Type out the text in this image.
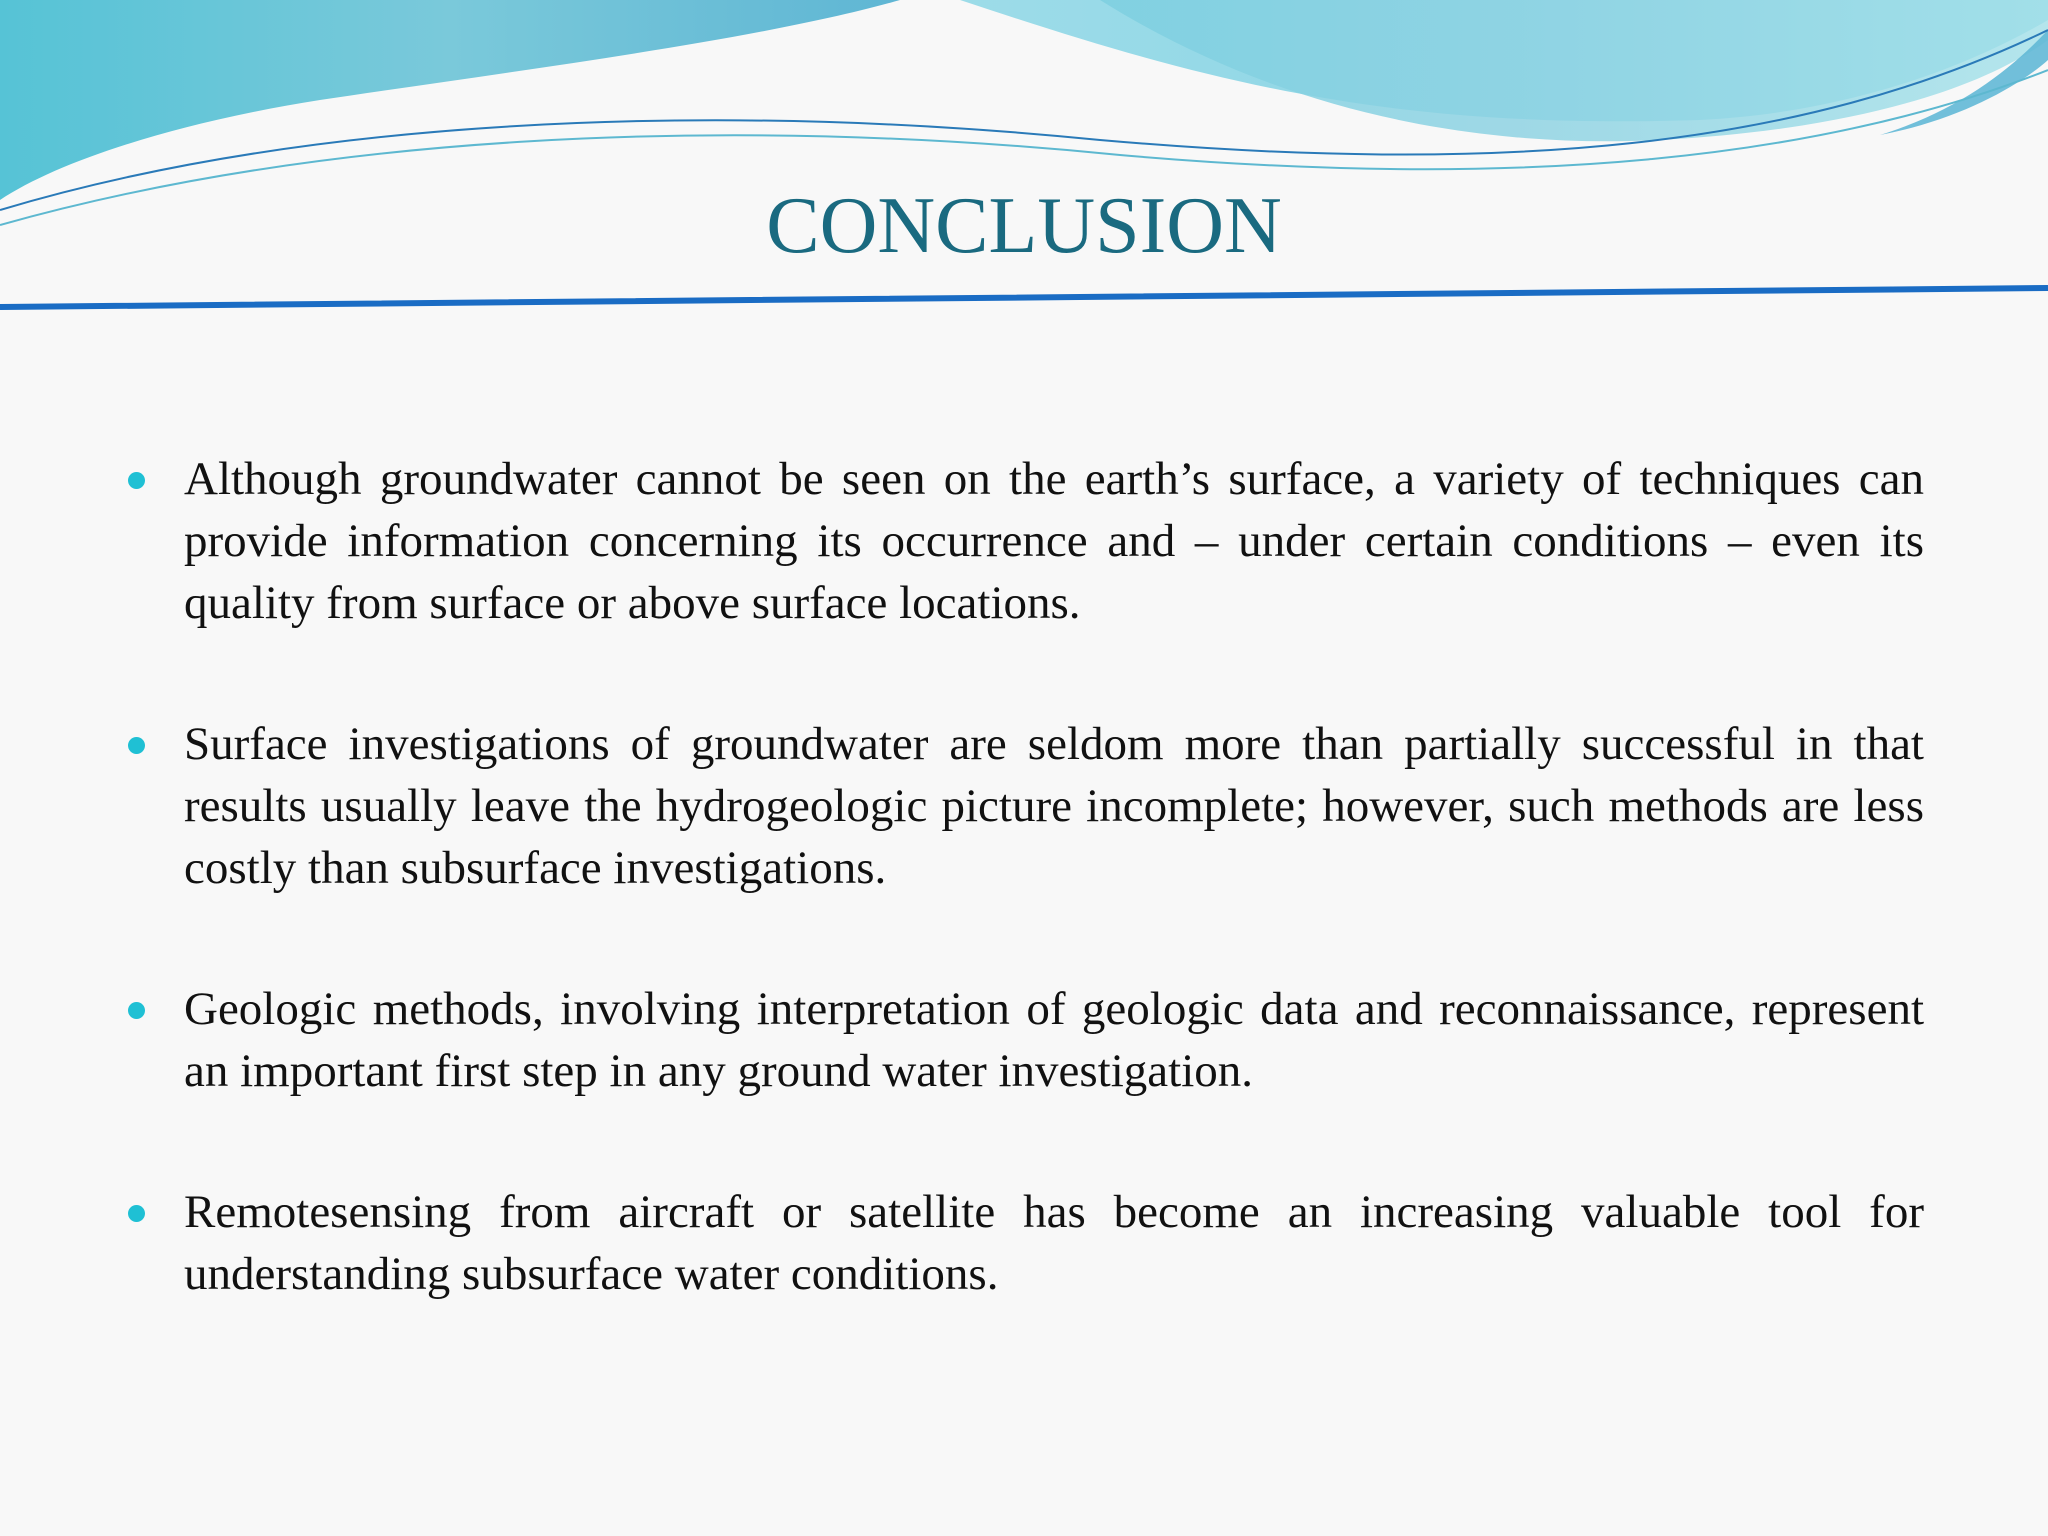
CONCLUSION
Although groundwater cannot be seen on the earth’s surface, a variety of techniques can provide information concerning its occurrence and – under certain conditions – even its quality from surface or above surface locations.
Surface investigations of groundwater are seldom more than partially successful in that results usually leave the hydrogeologic picture incomplete; however, such methods are less costly than subsurface investigations.
Geologic methods, involving interpretation of geologic data and reconnaissance, represent an important first step in any ground water investigation.
Remotesensing from aircraft or satellite has become an increasing valuable tool for understanding subsurface water conditions.
